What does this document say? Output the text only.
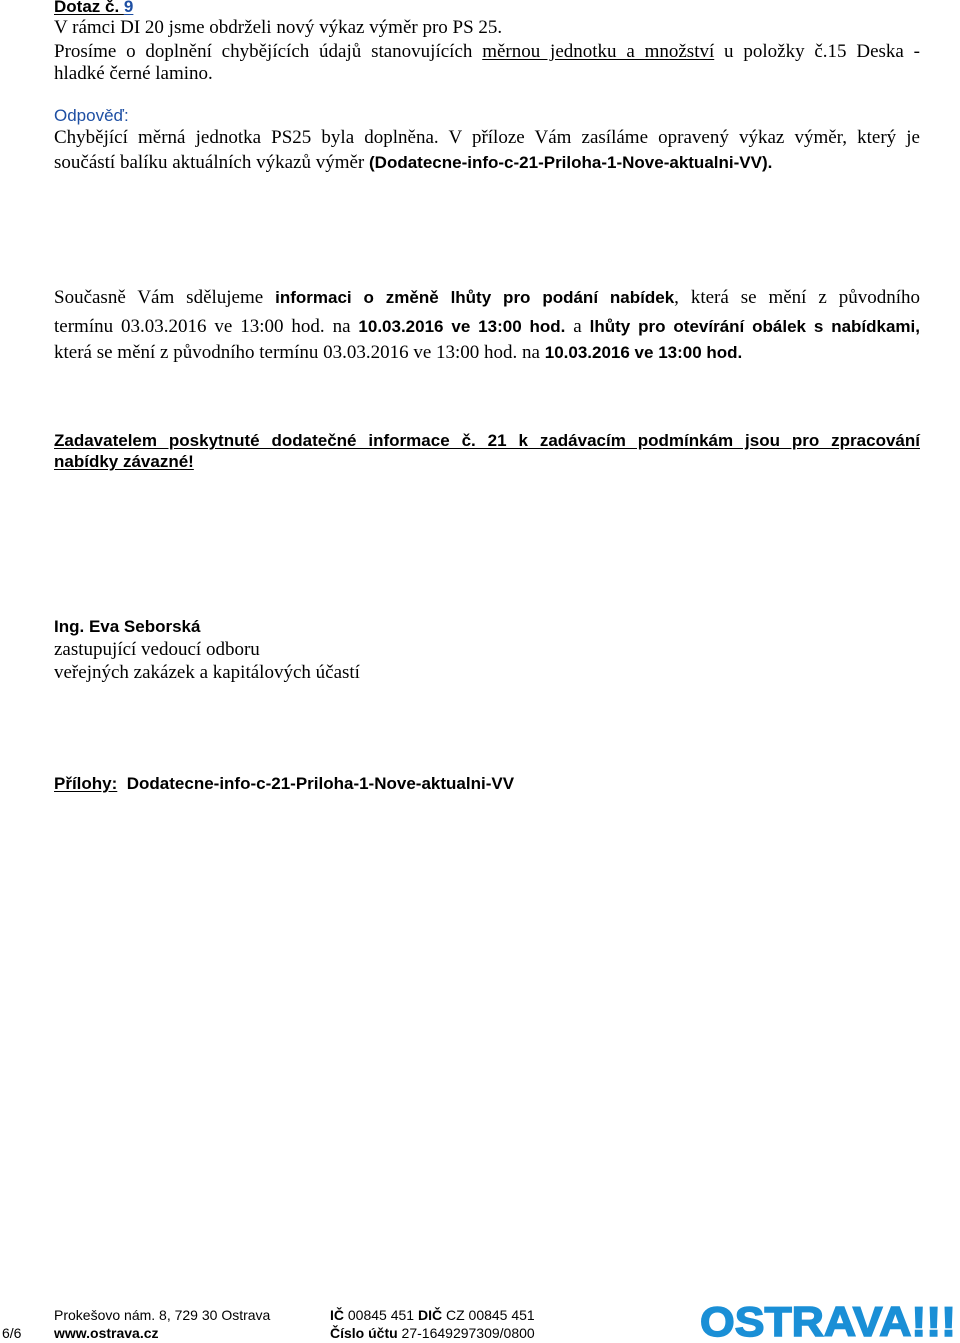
Dotaz č. 9
V rámci DI 20 jsme obdrželi nový výkaz výměr pro PS 25.
Prosíme o doplnění chybějících údajů stanovujících měrnou jednotku a množství u položky č.15 Deska -
hladké černé lamino.
Odpověď:
Chybějící měrná jednotka PS25 byla doplněna. V příloze Vám zasíláme opravený výkaz výměr, který je
součástí balíku aktuálních výkazů výměr (Dodatecne-info-c-21-Priloha-1-Nove-aktualni-VV).
Současně Vám sdělujeme informaci o změně lhůty pro podání nabídek, která se mění z původního
termínu 03.03.2016 ve 13:00 hod. na 10.03.2016 ve 13:00 hod. a lhůty pro otevírání obálek s nabídkami,
která se mění z původního termínu 03.03.2016 ve 13:00 hod. na 10.03.2016 ve 13:00 hod.
Zadavatelem poskytnuté dodatečné informace č. 21 k zadávacím podmínkám jsou pro zpracování
nabídky závazné!
Ing. Eva Seborská
zastupující vedoucí odboru
veřejných zakázek a kapitálových účastí
Přílohy: Dodatecne-info-c-21-Priloha-1-Nove-aktualni-VV
6/6
Prokešovo nám. 8, 729 30 Ostrava
www.ostrava.cz
IČ 00845 451 DIČ CZ 00845 451
Číslo účtu 27-1649297309/0800	OSTRAVA!!!
